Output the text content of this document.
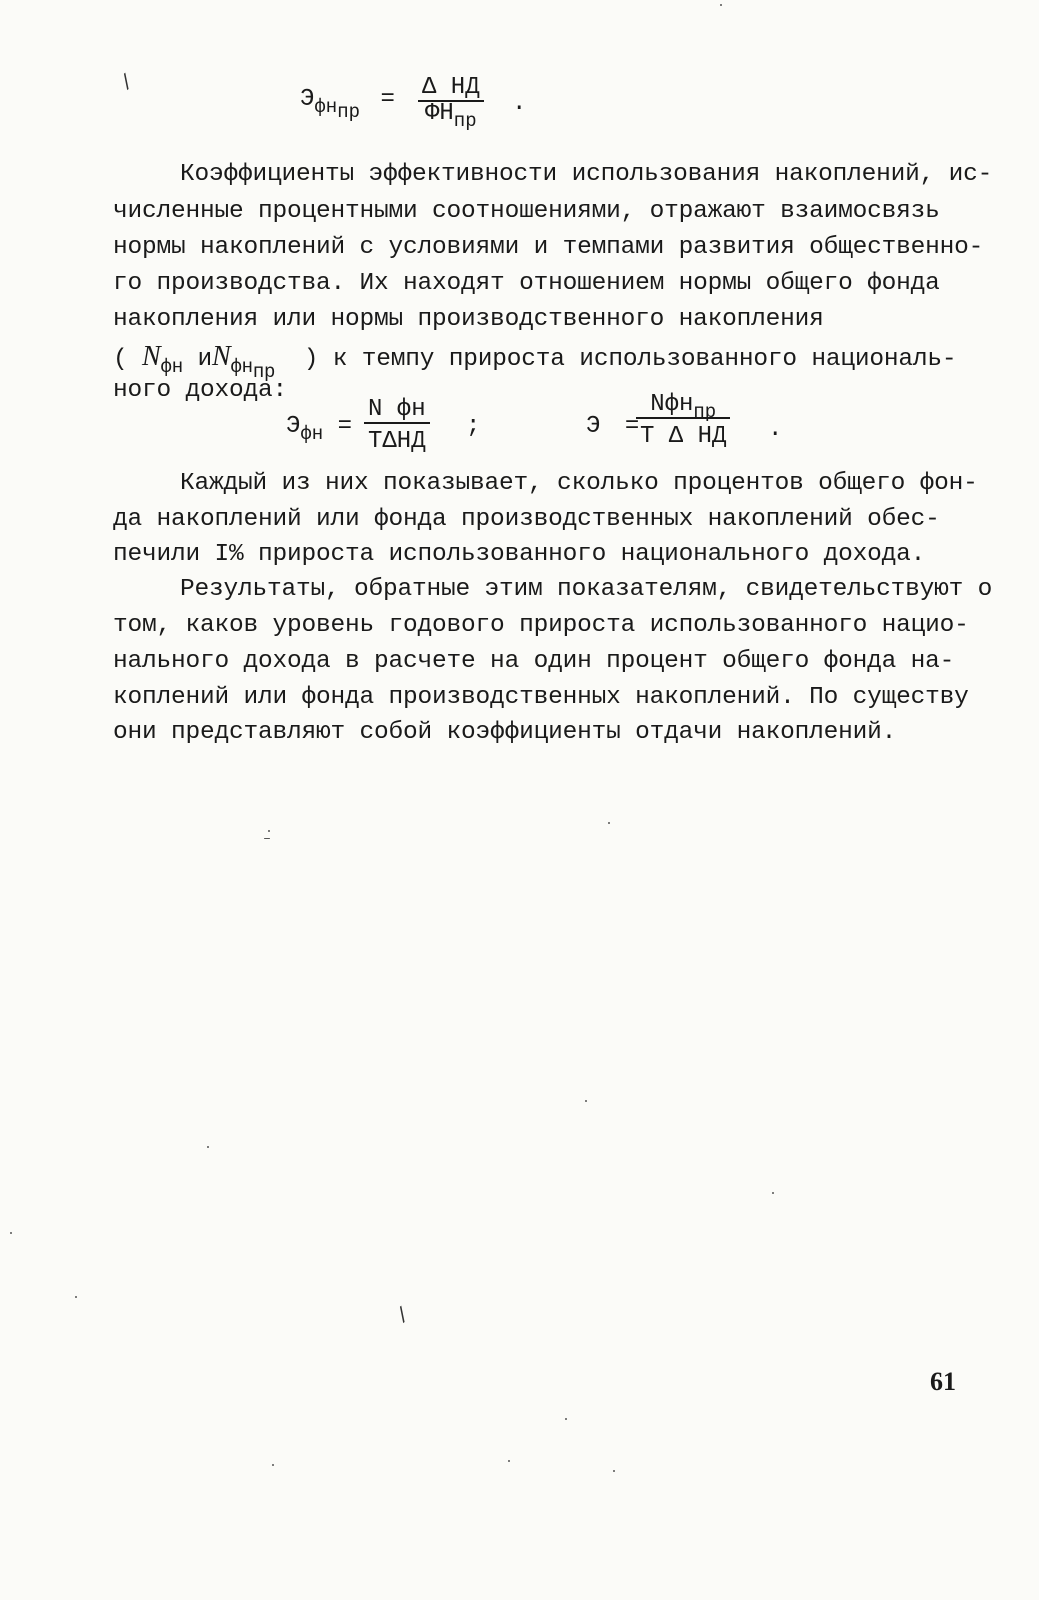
$Э_{фнпр} = \Delta$ НД
$ФН_{пр}$
.
Коэффициенты эффективности использования накоплений, ис-
численные процентными соотношениями, отражают взаимосвязь
нормы накоплений с условиями и темпами развития общественно-
го производства. Их находят отношением нормы общего фонда
накопления или нормы производственного накопления
( $N_{фн}$ $иN_{фнпр}$ ) к темпу прироста использованного националь-
ного дохода:
$Э_{фн}$ =
N фн
ТΔНД
;	Э =
Nфн$_{пр}$
Т Δ НД .
Каждый из них показывает, сколько процентов общего фон-
да накоплений или фонда производственных накоплений обес-
печили I% прироста использованного национального дохода.
Результаты, обратные этим показателям, свидетельствуют о
том, каков уровень годового прироста использованного нацио-
нального дохода в расчете на один процент общего фонда на-
коплений или фонда производственных накоплений. По существу
они представляют собой коэффициенты отдачи накоплений.
61
/
/
